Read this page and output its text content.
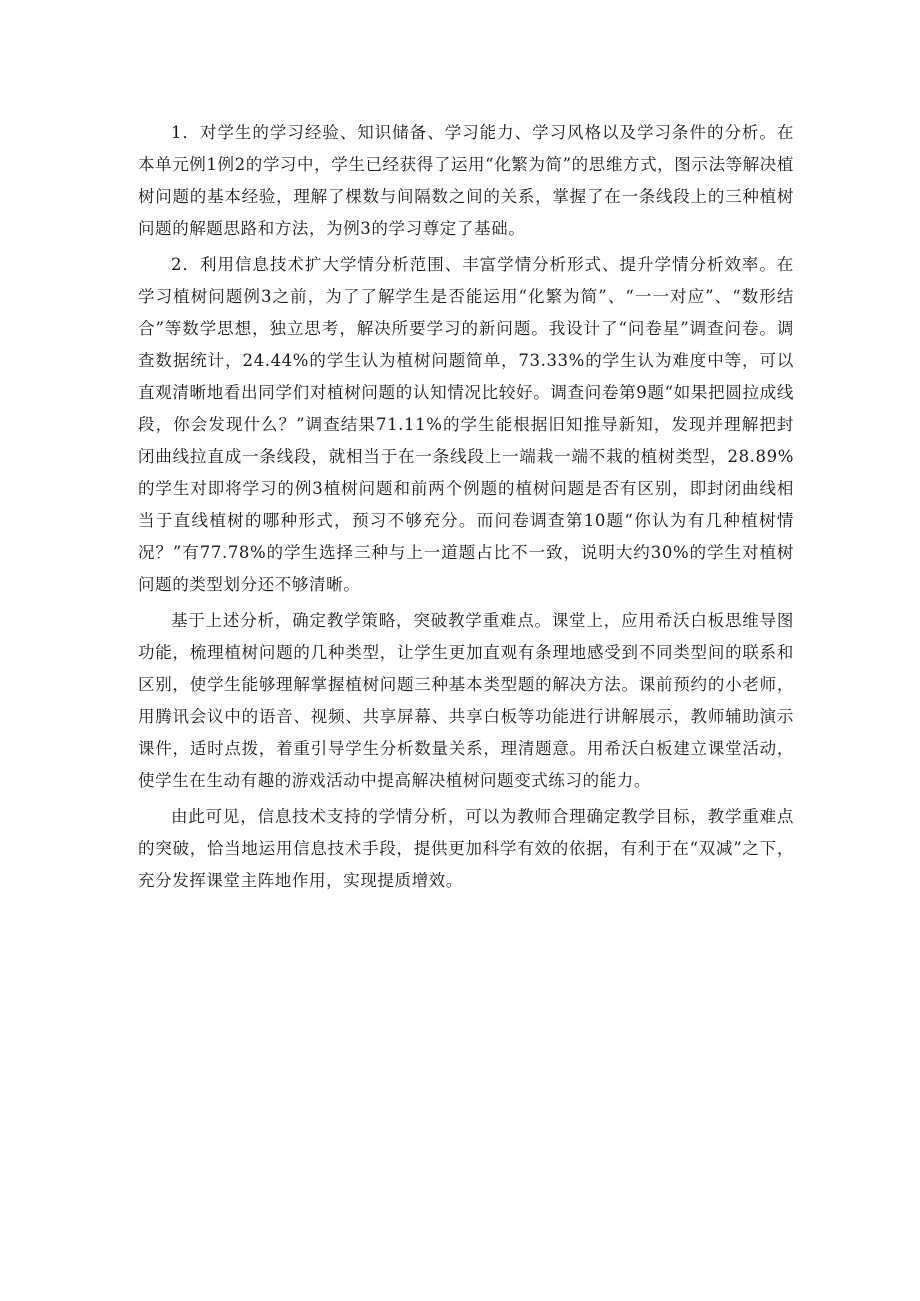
1．对学生的学习经验、知识储备、学习能力、学习风格以及学习条件的分析。在本单元例1例2的学习中，学生已经获得了运用“化繁为简”的思维方式，图示法等解决植树问题的基本经验，理解了棵数与间隔数之间的关系，掌握了在一条线段上的三种植树问题的解题思路和方法，为例3的学习尊定了基础。

2．利用信息技术扩大学情分析范围、丰富学情分析形式、提升学情分析效率。在学习植树问题例3之前，为了了解学生是否能运用“化繁为简”、“一一对应”、“数形结合”等数学思想，独立思考，解决所要学习的新问题。我设计了“问卷星”调查问卷。调查数据统计，24.44%的学生认为植树问题简单，73.33%的学生认为难度中等，可以直观清晰地看出同学们对植树问题的认知情况比较好。调查问卷第9题“如果把圆拉成线段，你会发现什么？”调查结果71.11%的学生能根据旧知推导新知，发现并理解把封闭曲线拉直成一条线段，就相当于在一条线段上一端栽一端不栽的植树类型，28.89%的学生对即将学习的例3植树问题和前两个例题的植树问题是否有区别，即封闭曲线相当于直线植树的哪种形式，预习不够充分。而问卷调查第10题“你认为有几种植树情况？”有77.78%的学生选择三种与上一道题占比不一致，说明大约30%的学生对植树问题的类型划分还不够清晰。

基于上述分析，确定教学策略，突破教学重难点。课堂上，应用希沃白板思维导图功能，梳理植树问题的几种类型，让学生更加直观有条理地感受到不同类型间的联系和区别，使学生能够理解掌握植树问题三种基本类型题的解决方法。课前预约的小老师，用腾讯会议中的语音、视频、共享屏幕、共享白板等功能进行讲解展示，教师辅助演示课件，适时点拨，着重引导学生分析数量关系，理清题意。用希沃白板建立课堂活动，使学生在生动有趣的游戏活动中提高解决植树问题变式练习的能力。

由此可见，信息技术支持的学情分析，可以为教师合理确定教学目标，教学重难点的突破，恰当地运用信息技术手段，提供更加科学有效的依据，有利于在“双减”之下，充分发挥课堂主阵地作用，实现提质增效。
